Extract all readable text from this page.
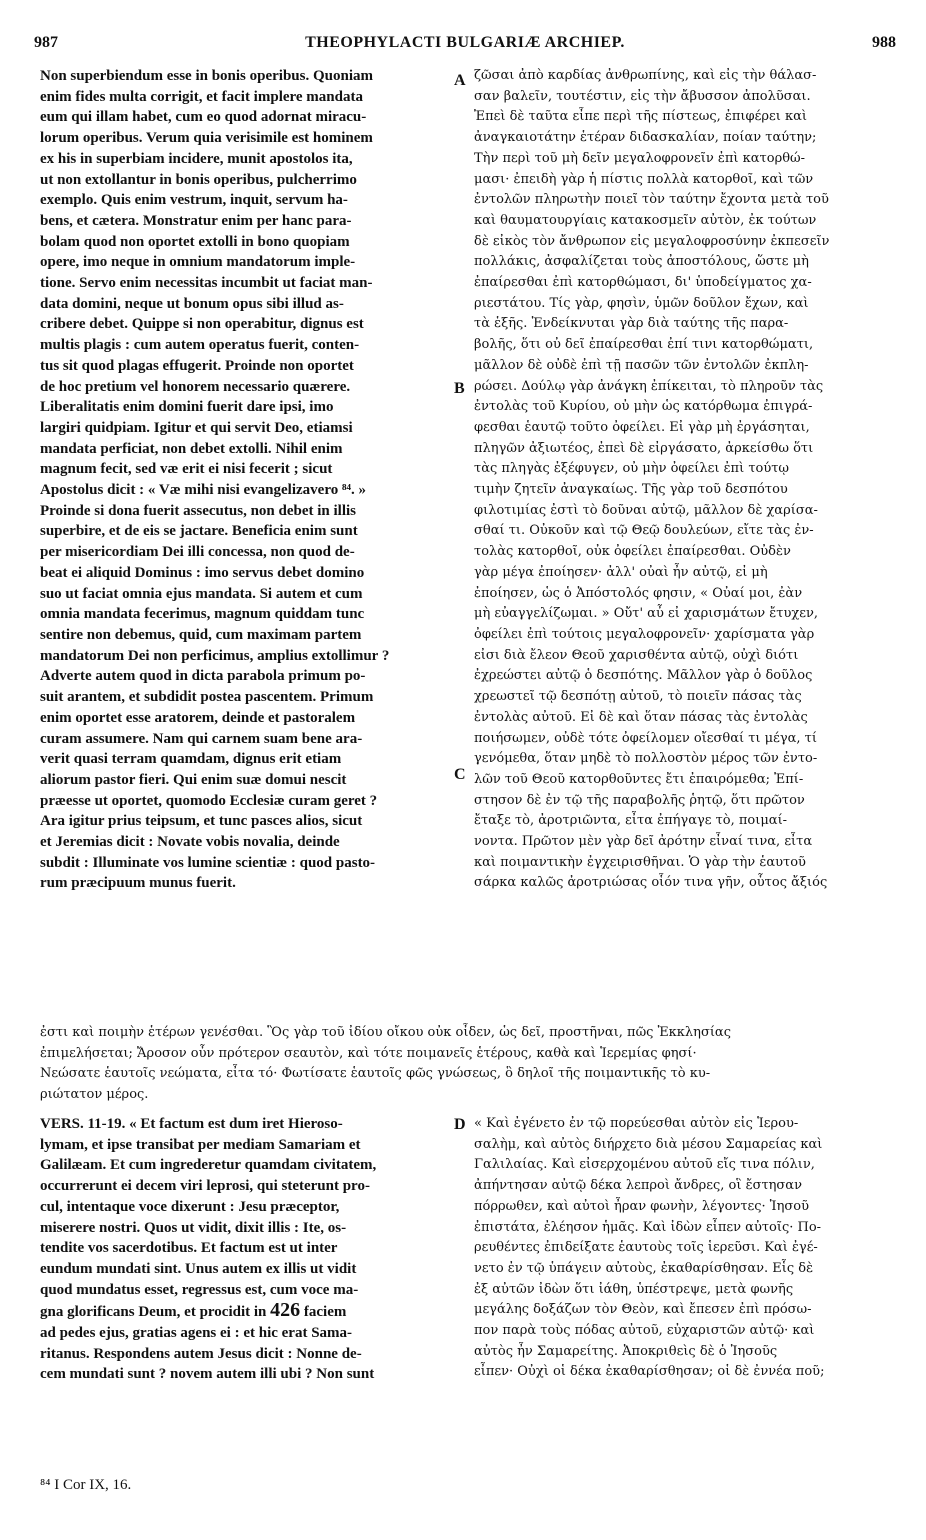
987	THEOPHYLACTI BULGARIÆ ARCHIEP.	988
Non superbiendum esse in bonis operibus. Quoniam
enim fides multa corrigit, et facit implere mandata
eum qui illam habet, cum eo quod adornat miracu-
lorum operibus. Verum quia verisimile est hominem
ex his in superbiam incidere, munit apostolos ita,
ut non extollantur in bonis operibus, pulcherrimo
exemplo. Quis enim vestrum, inquit, servum ha-
bens, et cætera. Monstratur enim per hanc para-
bolam quod non oportet extolli in bono quopiam
opere, imo neque in omnium mandatorum imple-
tione. Servo enim necessitas incumbit ut faciat man-
data domini, neque ut bonum opus sibi illud as-
cribere debet. Quippe si non operabitur, dignus est
multis plagis : cum autem operatus fuerit, conten-
tus sit quod plagas effugerit. Proinde non oportet
de hoc pretium vel honorem necessario quærere.
Liberalitatis enim domini fuerit dare ipsi, imo
largiri quidpiam. Igitur et qui servit Deo, etiamsi
mandata perficiat, non debet extolli. Nihil enim
magnum fecit, sed væ erit ei nisi fecerit ; sicut
Apostolus dicit : « Væ mihi nisi evangelizavero ⁸⁴. »
Proinde si dona fuerit assecutus, non debet in illis
superbire, et de eis se jactare. Beneficia enim sunt
per misericordiam Dei illi concessa, non quod de-
beat ei aliquid Dominus : imo servus debet domino
suo ut faciat omnia ejus mandata. Si autem et cum
omnia mandata fecerimus, magnum quiddam tunc
sentire non debemus, quid, cum maximam partem
mandatorum Dei non perficimus, amplius extollimur ?
Adverte autem quod in dicta parabola primum po-
suit arantem, et subdidit postea pascentem. Primum
enim oportet esse aratorem, deinde et pastoralem
curam assumere. Nam qui carnem suam bene ara-
verit quasi terram quamdam, dignus erit etiam
aliorum pastor fieri. Qui enim suæ domui nescit
præesse ut oportet, quomodo Ecclesiæ curam geret ?
Ara igitur prius teipsum, et tunc pasces alios, sicut
et Jeremias dicit : Novate vobis novalia, deinde
subdit : Illuminate vos lumine scientiæ : quod pasto-
rum præcipuum munus fuerit.
ζῶσαι ἀπὸ καρδίας ἀνθρωπίνης, καὶ εἰς τὴν θάλασ-
σαν βαλεῖν, τουτέστιν, εἰς τὴν ἄβυσσον ἀπολῦσαι.
Ἐπεὶ δὲ ταῦτα εἶπε περὶ τῆς πίστεως, ἐπιφέρει καὶ
ἀναγκαιοτάτην ἑτέραν διδασκαλίαν, ποίαν ταύτην;
Τὴν περὶ τοῦ μὴ δεῖν μεγαλοφρονεῖν ἐπὶ κατορθώ-
μασι· ἐπειδὴ γὰρ ἡ πίστις πολλὰ κατορθοῖ, καὶ τῶν
ἐντολῶν πληρωτὴν ποιεῖ τὸν ταύτην ἔχοντα μετὰ τοῦ
καὶ θαυματουργίαις κατακοσμεῖν αὐτὸν, ἐκ τούτων
δὲ εἰκὸς τὸν ἄνθρωπον εἰς μεγαλοφροσύνην ἐκπεσεῖν
πολλάκις, ἀσφαλίζεται τοὺς ἀποστόλους, ὥστε μὴ
ἐπαίρεσθαι ἐπὶ κατορθώμασι, δι' ὑποδείγματος χα-
ριεστάτου. Τίς γὰρ, φησὶν, ὑμῶν δοῦλον ἔχων, καὶ
τὰ ἑξῆς. Ἐνδείκνυται γὰρ διὰ ταύτης τῆς παρα-
βολῆς, ὅτι οὐ δεῖ ἐπαίρεσθαι ἐπί τινι κατορθώματι,
μᾶλλον δὲ οὐδὲ ἐπὶ τῇ πασῶν τῶν ἐντολῶν ἐκπλη-
ρώσει. Δούλῳ γὰρ ἀνάγκη ἐπίκειται, τὸ πληροῦν τὰς
ἐντολὰς τοῦ Κυρίου, οὐ μὴν ὡς κατόρθωμα ἐπιγρά-
φεσθαι ἑαυτῷ τοῦτο ὀφείλει. Εἰ γὰρ μὴ ἐργάσηται,
πληγῶν ἀξιωτέος, ἐπεὶ δὲ εἰργάσατο, ἀρκείσθω ὅτι
τὰς πληγὰς ἐξέφυγεν, οὐ μὴν ὀφείλει ἐπὶ τούτῳ
τιμὴν ζητεῖν ἀναγκαίως. Τῆς γὰρ τοῦ δεσπότου
φιλοτιμίας ἐστὶ τὸ δοῦναι αὐτῷ, μᾶλλον δὲ χαρίσα-
σθαί τι. Οὐκοῦν καὶ τῷ Θεῷ δουλεύων, εἴτε τὰς ἐν-
τολὰς κατορθοῖ, οὐκ ὀφείλει ἐπαίρεσθαι. Οὐδὲν
γὰρ μέγα ἐποίησεν· ἀλλ' οὐαὶ ἦν αὐτῷ, εἰ μὴ
ἐποίησεν, ὡς ὁ Ἀπόστολός φησιν, « Οὐαί μοι, ἐὰν
μὴ εὐαγγελίζωμαι. » Οὔτ' αὖ εἰ χαρισμάτων ἔτυχεν,
ὀφείλει ἐπὶ τούτοις μεγαλοφρονεῖν· χαρίσματα γὰρ
εἰσι διὰ ἔλεον Θεοῦ χαρισθέντα αὐτῷ, οὐχὶ διότι
ἐχρεώστει αὐτῷ ὁ δεσπότης. Μᾶλλον γὰρ ὁ δοῦλος
χρεωστεῖ τῷ δεσπότῃ αὐτοῦ, τὸ ποιεῖν πάσας τὰς
ἐντολὰς αὐτοῦ. Εἰ δὲ καὶ ὅταν πάσας τὰς ἐντολὰς
ποιήσωμεν, οὐδὲ τότε ὀφείλομεν οἴεσθαί τι μέγα, τί
γενόμεθα, ὅταν μηδὲ τὸ πολλοστὸν μέρος τῶν ἐντο-
λῶν τοῦ Θεοῦ κατορθοῦντες ἔτι ἐπαιρόμεθα; Ἐπί-
στησον δὲ ἐν τῷ τῆς παραβολῆς ῥητῷ, ὅτι πρῶτον
ἔταξε τὸ, ἀροτριῶντα, εἶτα ἐπήγαγε τὸ, ποιμαί-
νοντα. Πρῶτον μὲν γὰρ δεῖ ἀρότην εἶναί τινα, εἶτα
καὶ ποιμαντικὴν ἐγχειρισθῆναι. Ὁ γὰρ τὴν ἑαυτοῦ
σάρκα καλῶς ἀροτριώσας οἷόν τινα γῆν, οὗτος ἄξιός
A
B
C
D
ἐστι καὶ ποιμὴν ἑτέρων γενέσθαι. Ὃς γὰρ τοῦ ἰδίου οἴκου οὐκ οἶδεν, ὡς δεῖ, προστῆναι, πῶς Ἐκκλησίας
ἐπιμελήσεται; Ἄροσον οὖν πρότερον σεαυτὸν, καὶ τότε ποιμανεῖς ἑτέρους, καθὰ καὶ Ἱερεμίας φησί·
Νεώσατε ἑαυτοῖς νεώματα, εἶτα τό· Φωτίσατε ἑαυτοῖς φῶς γνώσεως, ὃ δηλοῖ τῆς ποιμαντικῆς τὸ κυ-
ριώτατον μέρος.
VERS. 11-19. « Et factum est dum iret Hieroso-
lymam, et ipse transibat per mediam Samariam et
Galilæam. Et cum ingrederetur quamdam civitatem,
occurrerunt ei decem viri leprosi, qui steterunt pro-
cul, intentaque voce dixerunt : Jesu præceptor,
miserere nostri. Quos ut vidit, dixit illis : Ite, os-
tendite vos sacerdotibus. Et factum est ut inter
eundum mundati sint. Unus autem ex illis ut vidit
quod mundatus esset, regressus est, cum voce ma-
gna glorificans Deum, et procidit in 426 faciem
ad pedes ejus, gratias agens ei : et hic erat Sama-
ritanus. Respondens autem Jesus dicit : Nonne de-
cem mundati sunt ? novem autem illi ubi ? Non sunt
« Καὶ ἐγένετο ἐν τῷ πορεύεσθαι αὐτὸν εἰς Ἱερου-
σαλὴμ, καὶ αὐτὸς διήρχετο διὰ μέσου Σαμαρείας καὶ
Γαλιλαίας. Καὶ εἰσερχομένου αὐτοῦ εἴς τινα πόλιν,
ἀπήντησαν αὐτῷ δέκα λεπροὶ ἄνδρες, οἳ ἔστησαν
πόρρωθεν, καὶ αὐτοὶ ἦραν φωνὴν, λέγοντες· Ἰησοῦ
ἐπιστάτα, ἐλέησον ἡμᾶς. Καὶ ἰδὼν εἶπεν αὐτοῖς· Πο-
ρευθέντες ἐπιδείξατε ἑαυτοὺς τοῖς ἱερεῦσι. Καὶ ἐγέ-
νετο ἐν τῷ ὑπάγειν αὐτοὺς, ἐκαθαρίσθησαν. Εἷς δὲ
ἐξ αὐτῶν ἰδὼν ὅτι ἰάθη, ὑπέστρεψε, μετὰ φωνῆς
μεγάλης δοξάζων τὸν Θεὸν, καὶ ἔπεσεν ἐπὶ πρόσω-
πον παρὰ τοὺς πόδας αὐτοῦ, εὐχαριστῶν αὐτῷ· καὶ
αὐτὸς ἦν Σαμαρείτης. Ἀποκριθεὶς δὲ ὁ Ἰησοῦς
εἶπεν· Οὐχὶ οἱ δέκα ἐκαθαρίσθησαν; οἱ δὲ ἐννέα ποῦ;
⁸⁴ I Cor IX, 16.
